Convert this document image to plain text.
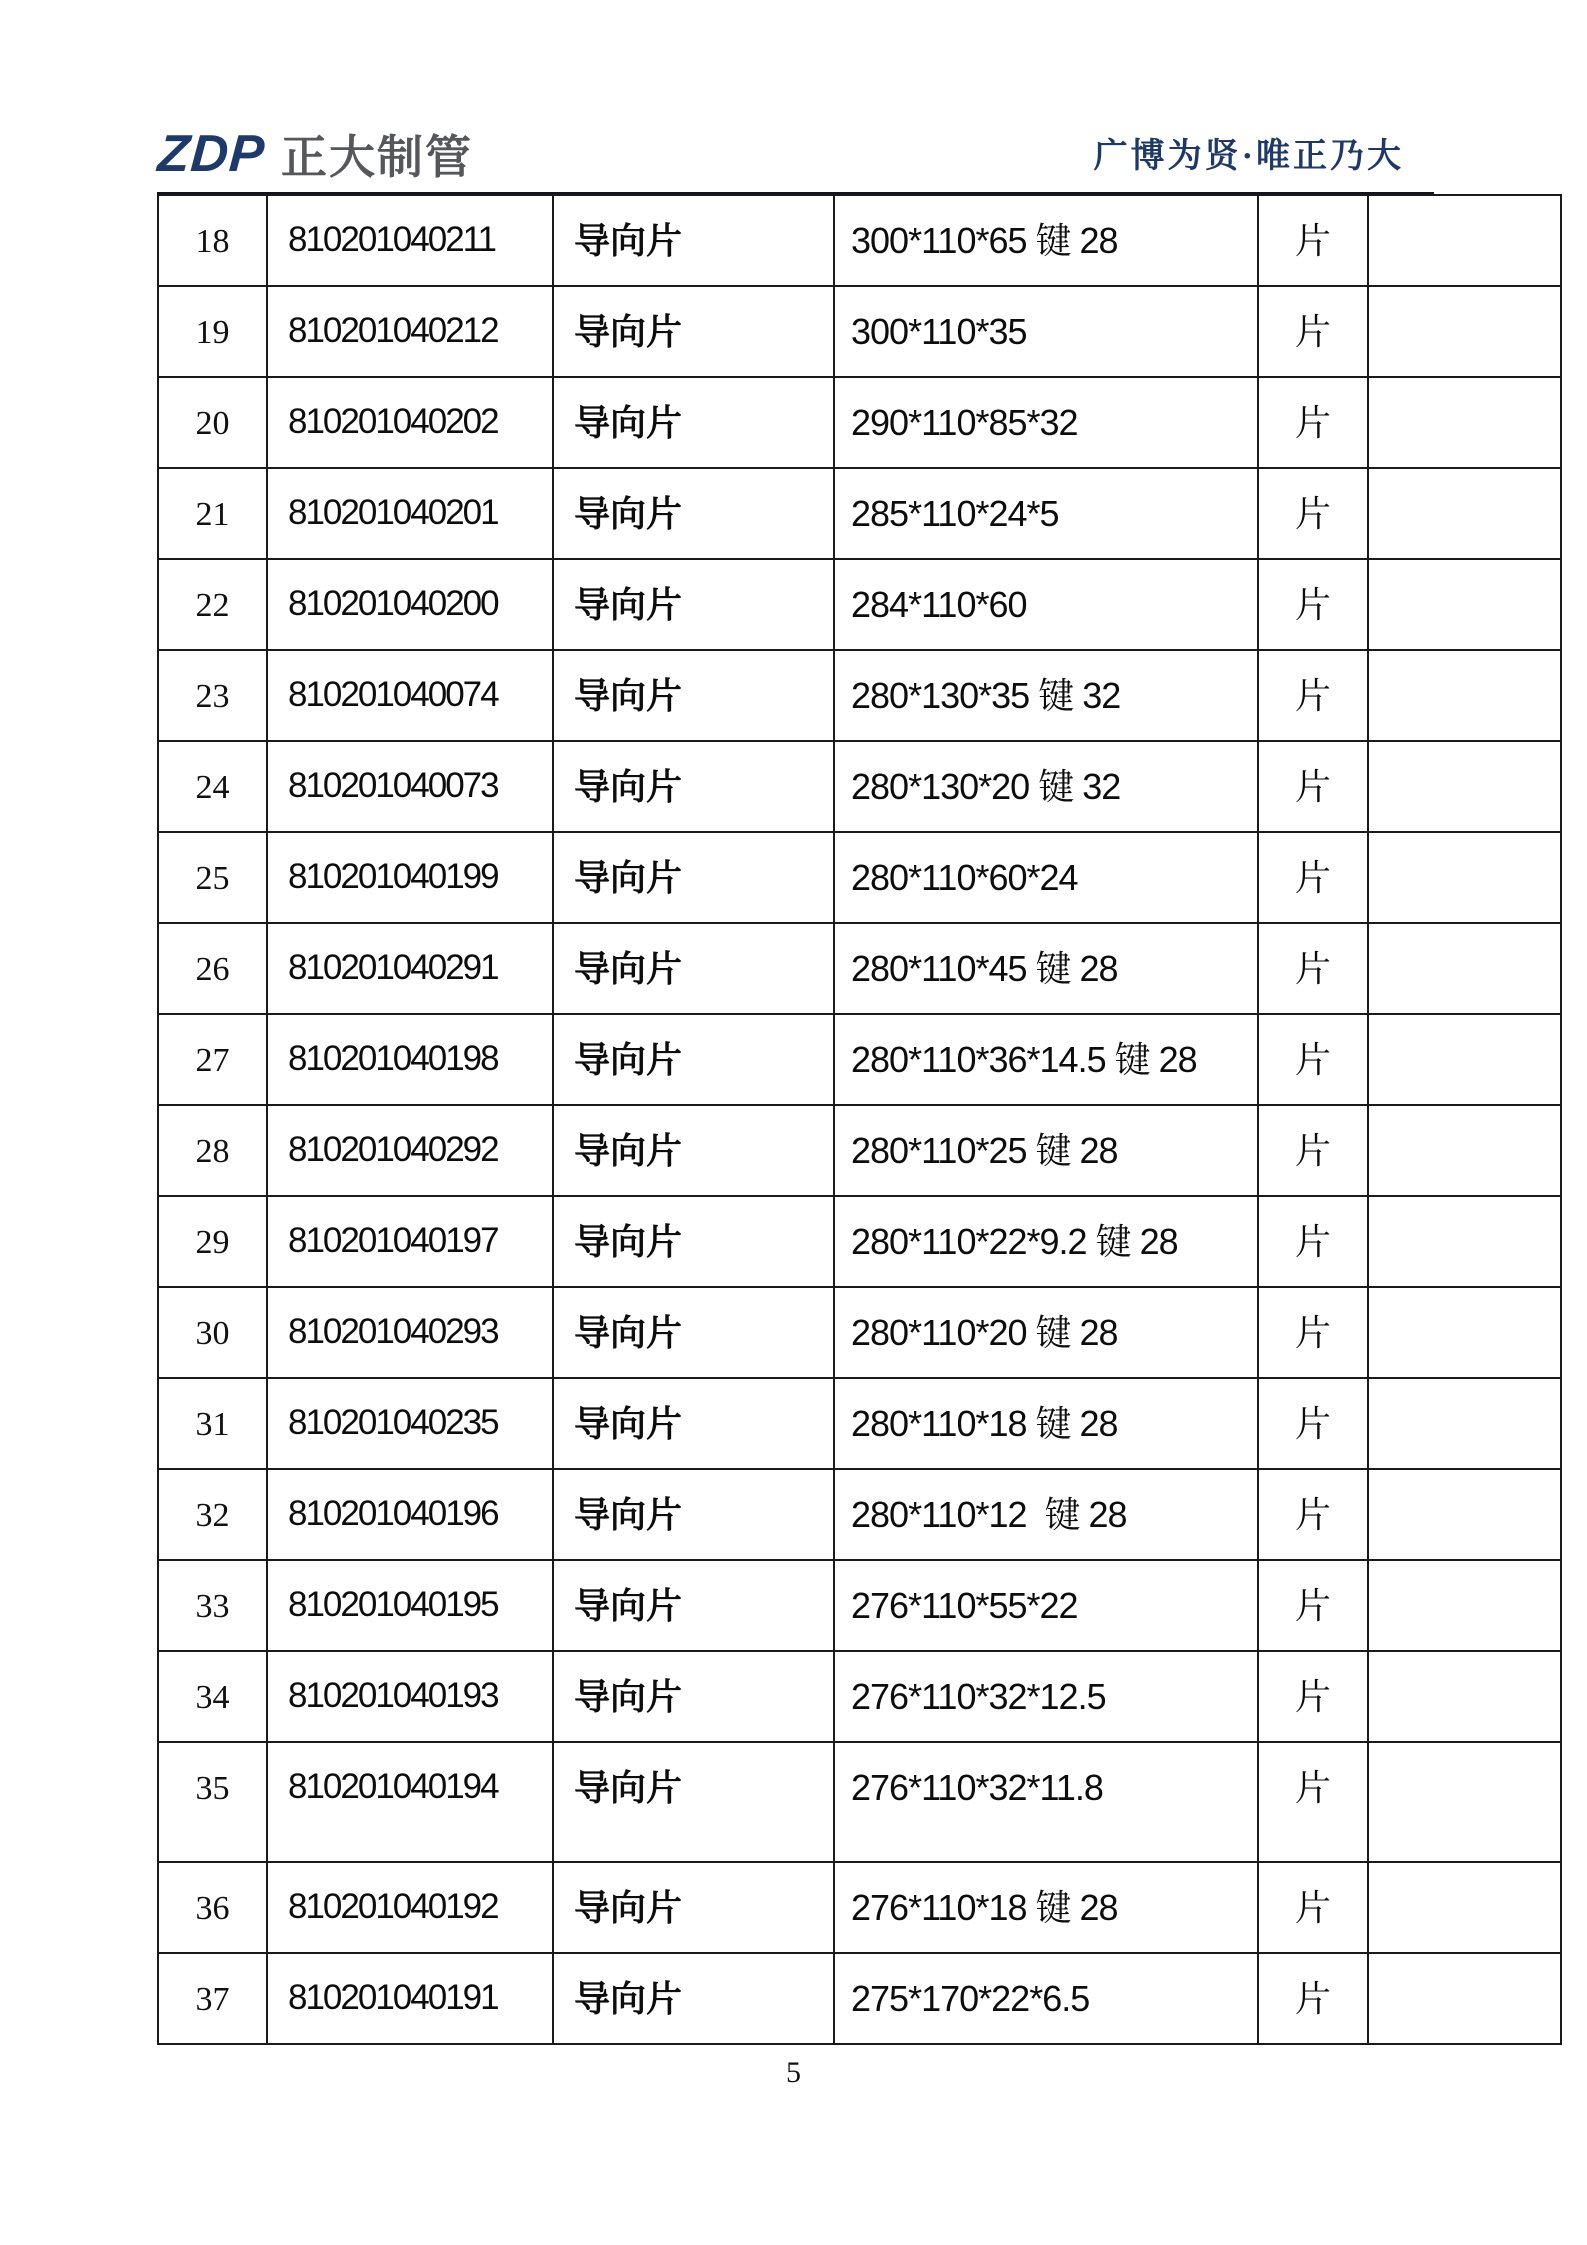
ZDP 正大制管	广博为贤·唯正乃大
18	810201040211	导向片	300*110*65 键 28	片	
19	810201040212	导向片	300*110*35	片	
20	810201040202	导向片	290*110*85*32	片	
21	810201040201	导向片	285*110*24*5	片	
22	810201040200	导向片	284*110*60	片	
23	810201040074	导向片	280*130*35 键 32	片	
24	810201040073	导向片	280*130*20 键 32	片	
25	810201040199	导向片	280*110*60*24	片	
26	810201040291	导向片	280*110*45 键 28	片	
27	810201040198	导向片	280*110*36*14.5 键 28	片	
28	810201040292	导向片	280*110*25 键 28	片	
29	810201040197	导向片	280*110*22*9.2 键 28	片	
30	810201040293	导向片	280*110*20 键 28	片	
31	810201040235	导向片	280*110*18 键 28	片	
32	810201040196	导向片	280*110*12  键 28	片	
33	810201040195	导向片	276*110*55*22	片	
34	810201040193	导向片	276*110*32*12.5	片	
35	810201040194	导向片	276*110*32*11.8	片	
36	810201040192	导向片	276*110*18 键 28	片	
37	810201040191	导向片	275*170*22*6.5	片	
5
